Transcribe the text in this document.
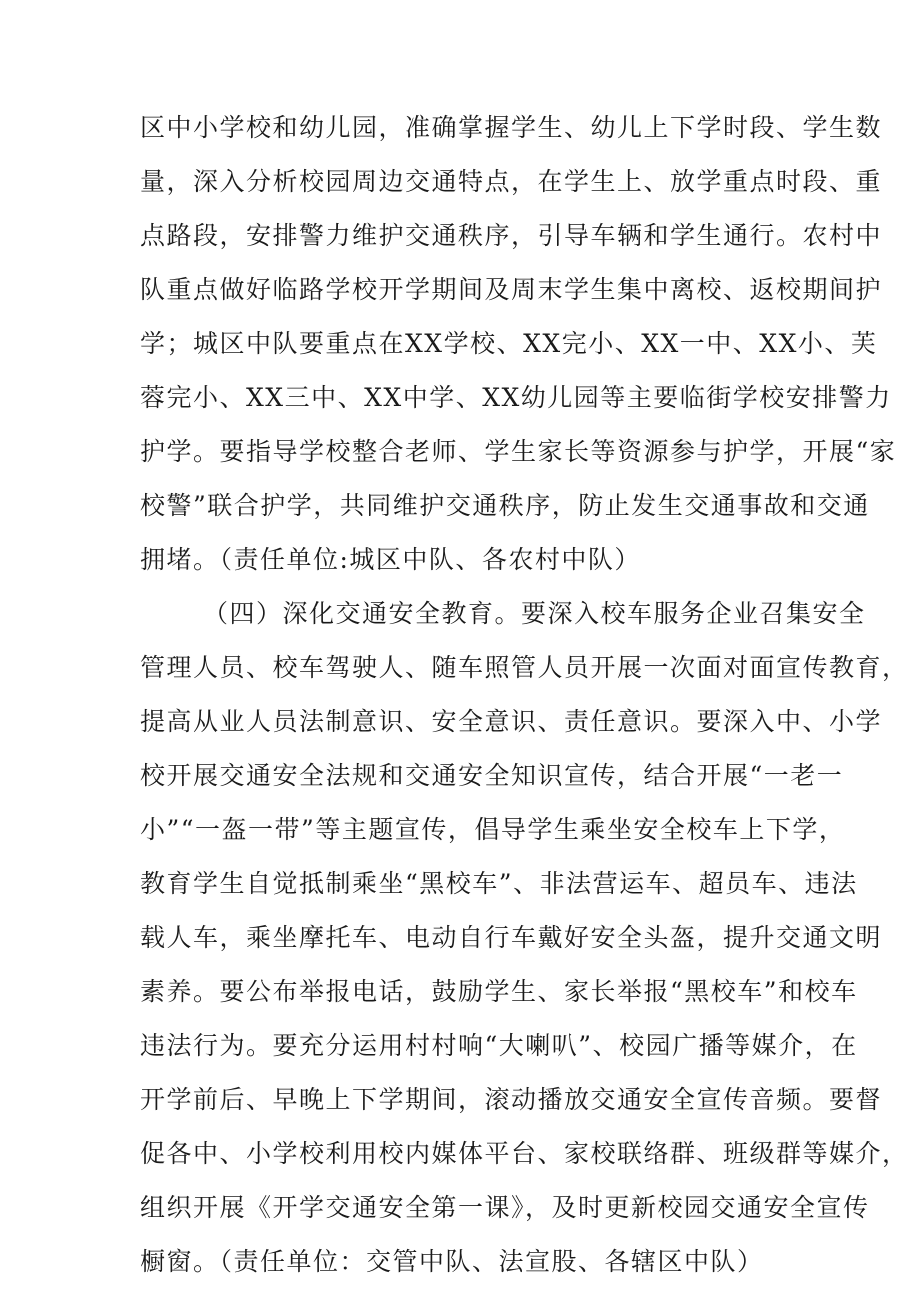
区中小学校和幼儿园，准确掌握学生、幼儿上下学时段、学生数
量，深入分析校园周边交通特点，在学生上、放学重点时段、重
点路段，安排警力维护交通秩序，引导车辆和学生通行。农村中
队重点做好临路学校开学期间及周末学生集中离校、返校期间护
学；城区中队要重点在XX学校、XX完小、XX一中、XX小、芙
蓉完小、XX三中、XX中学、XX幼儿园等主要临街学校安排警力
护学。要指导学校整合老师、学生家长等资源参与护学，开展“家
校警”联合护学，共同维护交通秩序，防止发生交通事故和交通
拥堵。（责任单位:城区中队、各农村中队）
（四）深化交通安全教育。要深入校车服务企业召集安全
管理人员、校车驾驶人、随车照管人员开展一次面对面宣传教育，
提高从业人员法制意识、安全意识、责任意识。要深入中、小学
校开展交通安全法规和交通安全知识宣传，结合开展“一老一
小”“一盔一带”等主题宣传，倡导学生乘坐安全校车上下学，
教育学生自觉抵制乘坐“黑校车”、非法营运车、超员车、违法
载人车，乘坐摩托车、电动自行车戴好安全头盔，提升交通文明
素养。要公布举报电话，鼓励学生、家长举报“黑校车”和校车
违法行为。要充分运用村村响“大喇叭”、校园广播等媒介，在
开学前后、早晚上下学期间，滚动播放交通安全宣传音频。要督
促各中、小学校利用校内媒体平台、家校联络群、班级群等媒介，
组织开展《开学交通安全第一课》，及时更新校园交通安全宣传
橱窗。（责任单位：交管中队、法宣股、各辖区中队）
